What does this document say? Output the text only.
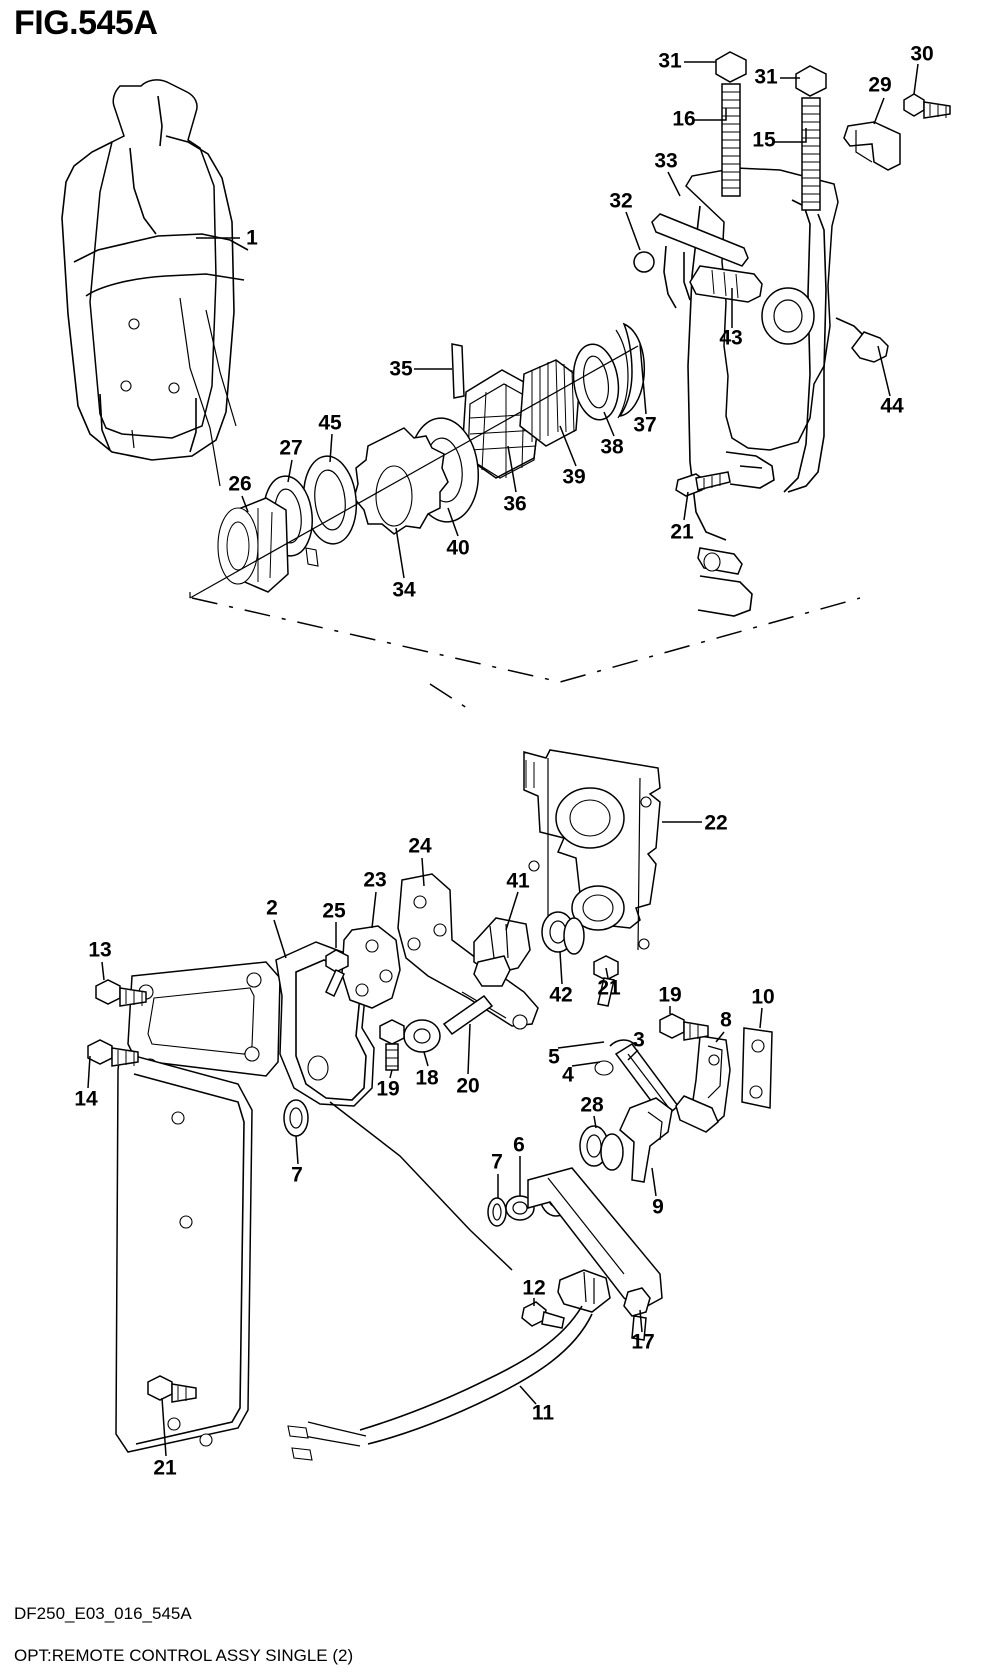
FIG.545A
1
31	30
31	29
16
15
33
32
43
44
35
37
38
39
36
45
27
26
40
34
21
22
24
23	41
25
2
13
42 21 19	10
8
3
5
4
14
20
18
19
28
7
6
7
9
12
17
11
21
DF250_E03_016_545A
OPT:REMOTE CONTROL ASSY SINGLE (2)
